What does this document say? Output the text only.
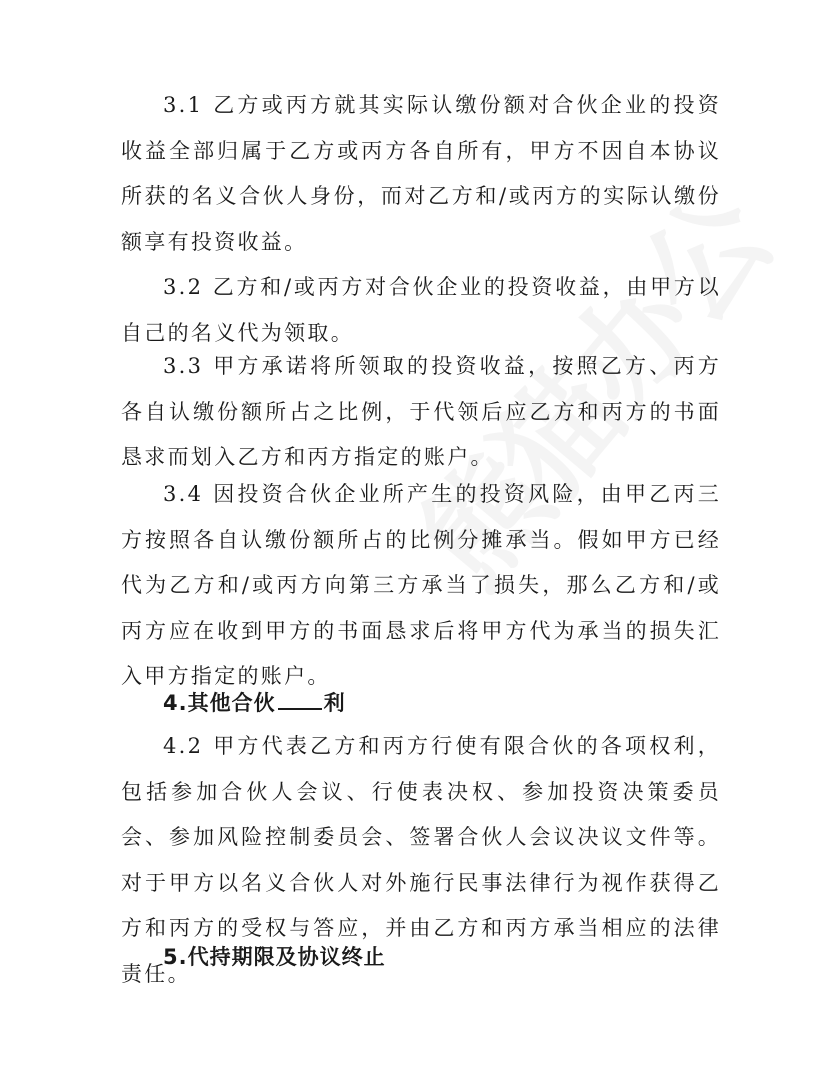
3.1 乙方或丙方就其实际认缴份额对合伙企业的投资收益全部归属于乙方或丙方各自所有，甲方不因自本协议所获的名义合伙人身份，而对乙方和/或丙方的实际认缴份额享有投资收益。

3.2 乙方和/或丙方对合伙企业的投资收益，由甲方以自己的名义代为领取。

3.3 甲方承诺将所领取的投资收益，按照乙方、丙方各自认缴份额所占之比例，于代领后应乙方和丙方的书面恳求而划入乙方和丙方指定的账户。

3.4 因投资合伙企业所产生的投资风险，由甲乙丙三方按照各自认缴份额所占的比例分摊承当。假如甲方已经代为乙方和/或丙方向第三方承当了损失，那么乙方和/或丙方应在收到甲方的书面恳求后将甲方代为承当的损失汇入甲方指定的账户。

4.其他合伙 利

4.2 甲方代表乙方和丙方行使有限合伙的各项权利，包括参加合伙人会议、行使表决权、参加投资决策委员会、参加风险控制委员会、签署合伙人会议决议文件等。对于甲方以名义合伙人对外施行民事法律行为视作获得乙方和丙方的受权与答应，并由乙方和丙方承当相应的法律责任。

5.代持期限及协议终止
